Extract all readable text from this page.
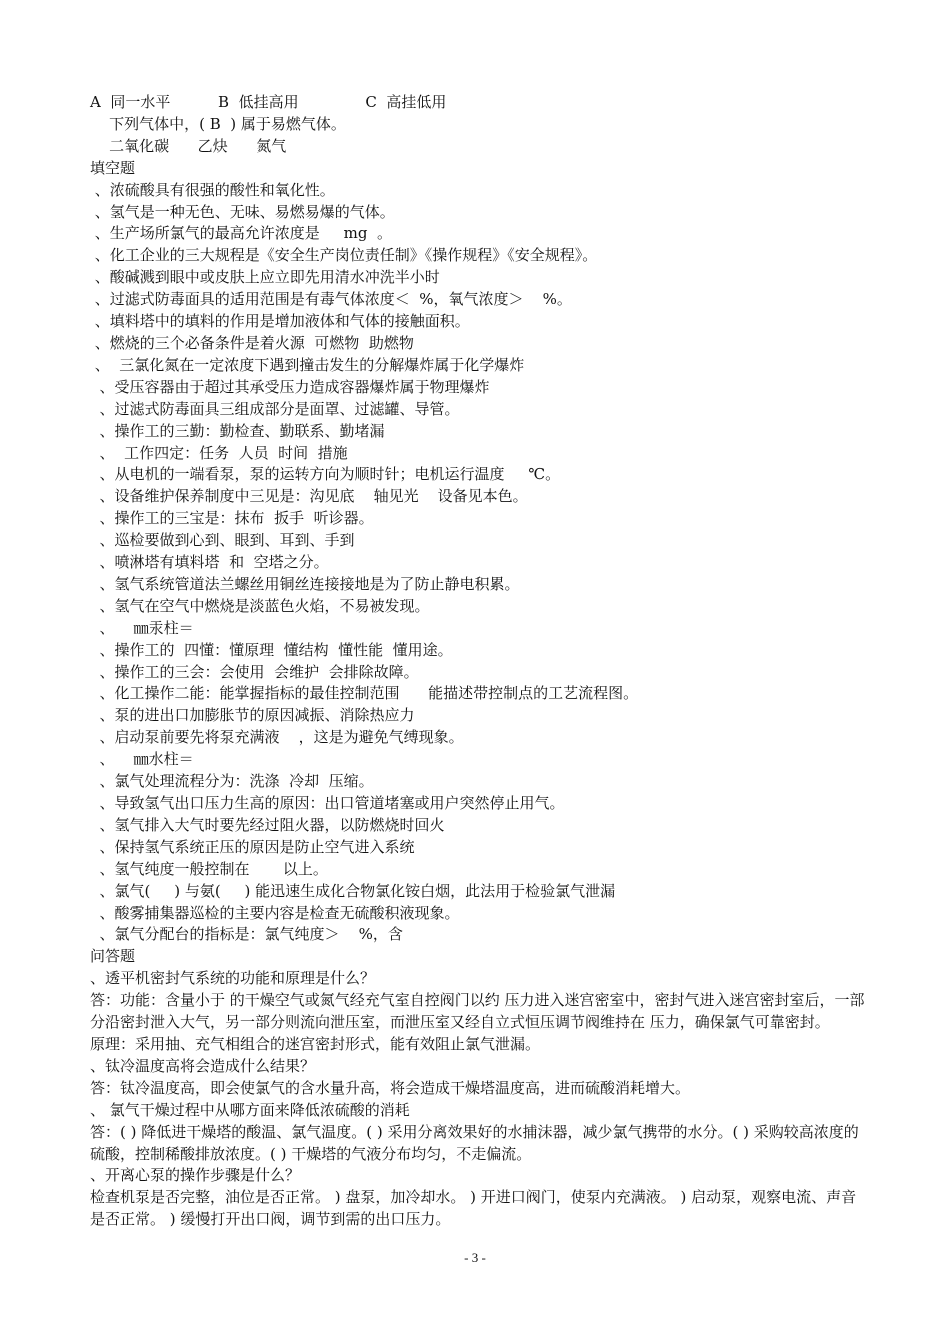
A  同一水平          B  低挂高用              C  高挂低用
下列气体中，( B  ) 属于易燃气体。
二氧化碳      乙炔      氮气
填空题
、浓硫酸具有很强的酸性和氧化性。
、氢气是一种无色、无味、易燃易爆的气体。
、生产场所氯气的最高允许浓度是     mg  。
、化工企业的三大规程是《安全生产岗位责任制》《操作规程》《安全规程》。
、酸碱溅到眼中或皮肤上应立即先用清水冲洗半小时
、过滤式防毒面具的适用范围是有毒气体浓度＜  %，氧气浓度＞    %。
、填料塔中的填料的作用是增加液体和气体的接触面积。
、燃烧的三个必备条件是着火源  可燃物  助燃物
、  三氯化氮在一定浓度下遇到撞击发生的分解爆炸属于化学爆炸
、受压容器由于超过其承受压力造成容器爆炸属于物理爆炸
、过滤式防毒面具三组成部分是面罩、过滤罐、导管。
、操作工的三勤：勤检查、勤联系、勤堵漏
、  工作四定：任务  人员  时间  措施
、从电机的一端看泵，泵的运转方向为顺时针；电机运行温度     ℃。
、设备维护保养制度中三见是：沟见底    轴见光    设备见本色。
、操作工的三宝是：抹布  扳手  听诊器。
、巡检要做到心到、眼到、耳到、手到
、喷淋塔有填料塔  和  空塔之分。
、氢气系统管道法兰螺丝用铜丝连接接地是为了防止静电积累。
、氢气在空气中燃烧是淡蓝色火焰，不易被发现。
、    ㎜汞柱＝
、操作工的  四懂：懂原理  懂结构  懂性能  懂用途。
、操作工的三会：会使用  会维护  会排除故障。
、化工操作二能：能掌握指标的最佳控制范围      能描述带控制点的工艺流程图。
、泵的进出口加膨胀节的原因减振、消除热应力
、启动泵前要先将泵充满液    ，这是为避免气缚现象。
、    ㎜水柱＝
、氯气处理流程分为：洗涤  冷却  压缩。
、导致氢气出口压力生高的原因：出口管道堵塞或用户突然停止用气。
、氢气排入大气时要先经过阻火器，以防燃烧时回火
、保持氢气系统正压的原因是防止空气进入系统
、氢气纯度一般控制在       以上。
、氯气(     ) 与氨(     ) 能迅速生成化合物氯化铵白烟，此法用于检验氯气泄漏
、酸雾捕集器巡检的主要内容是检查无硫酸积液现象。
、氯气分配台的指标是：氯气纯度＞    %，含
问答题
、透平机密封气系统的功能和原理是什么？
答：功能：含量小于 的干燥空气或氮气经充气室自控阀门以约 压力进入迷宫密室中，密封气进入迷宫密封室后，一部分沿密封泄入大气，另一部分则流向泄压室，而泄压室又经自立式恒压调节阀维持在 压力，确保氯气可靠密封。
原理：采用抽、充气相组合的迷宫密封形式，能有效阻止氯气泄漏。
、钛冷温度高将会造成什么结果？
答：钛冷温度高，即会使氯气的含水量升高，将会造成干燥塔温度高，进而硫酸消耗增大。
、 氯气干燥过程中从哪方面来降低浓硫酸的消耗
答：( ) 降低进干燥塔的酸温、氯气温度。( ) 采用分离效果好的水捕沫器，减少氯气携带的水分。( ) 采购较高浓度的硫酸，控制稀酸排放浓度。( ) 干燥塔的气液分布均匀，不走偏流。
、开离心泵的操作步骤是什么？
检查机泵是否完整，油位是否正常。 ) 盘泵，加冷却水。 ) 开进口阀门，使泵内充满液。 ) 启动泵，观察电流、声音是否正常。 ) 缓慢打开出口阀，调节到需的出口压力。
- 3 -
